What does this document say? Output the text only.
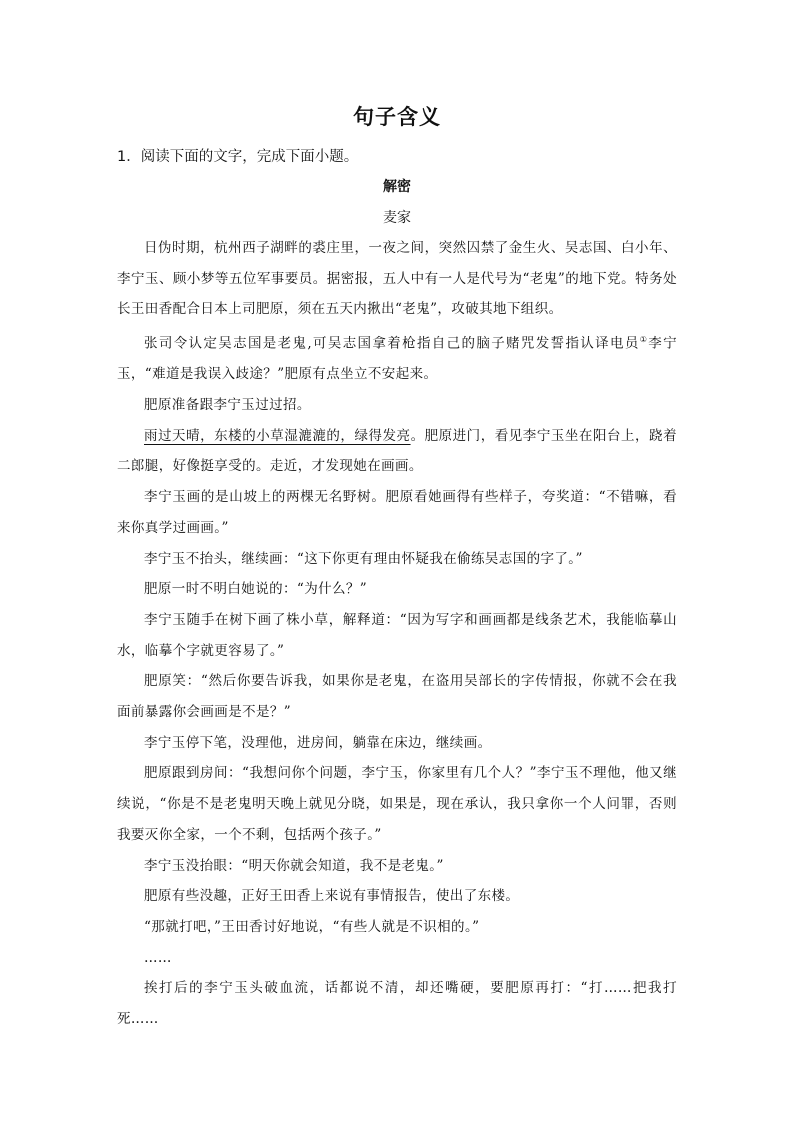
句子含义
1．阅读下面的文字，完成下面小题。
解密
麦家

日伪时期，杭州西子湖畔的裘庄里，一夜之间，突然囚禁了金生火、吴志国、白小年、李宁玉、顾小梦等五位军事要员。据密报，五人中有一人是代号为“老鬼”的地下党。特务处长王田香配合日本上司肥原，须在五天内揪出“老鬼”，攻破其地下组织。

张司令认定吴志国是老鬼,可吴志国拿着枪指自己的脑子赌咒发誓指认译电员①李宁玉，“难道是我误入歧途？”肥原有点坐立不安起来。

肥原准备跟李宁玉过过招。

雨过天晴，东楼的小草湿漉漉的，绿得发亮。肥原进门，看见李宁玉坐在阳台上，跷着二郎腿，好像挺享受的。走近，才发现她在画画。

李宁玉画的是山坡上的两棵无名野树。肥原看她画得有些样子，夸奖道：“不错嘛，看来你真学过画画。”

李宁玉不抬头，继续画：“这下你更有理由怀疑我在偷练吴志国的字了。”

肥原一时不明白她说的：“为什么？”

李宁玉随手在树下画了株小草，解释道：“因为写字和画画都是线条艺术，我能临摹山水，临摹个字就更容易了。”

肥原笑：“然后你要告诉我，如果你是老鬼，在盗用吴部长的字传情报，你就不会在我面前暴露你会画画是不是？”

李宁玉停下笔，没理他，进房间，躺靠在床边，继续画。

肥原跟到房间：“我想问你个问题，李宁玉，你家里有几个人？”李宁玉不理他，他又继续说，“你是不是老鬼明天晚上就见分晓，如果是，现在承认，我只拿你一个人问罪，否则我要灭你全家，一个不剩，包括两个孩子。”

李宁玉没抬眼：“明天你就会知道，我不是老鬼。”

肥原有些没趣，正好王田香上来说有事情报告，使出了东楼。

“那就打吧，”王田香讨好地说，“有些人就是不识相的。”

……

挨打后的李宁玉头破血流，话都说不清，却还嘴硬，要肥原再打：“打……把我打死……
